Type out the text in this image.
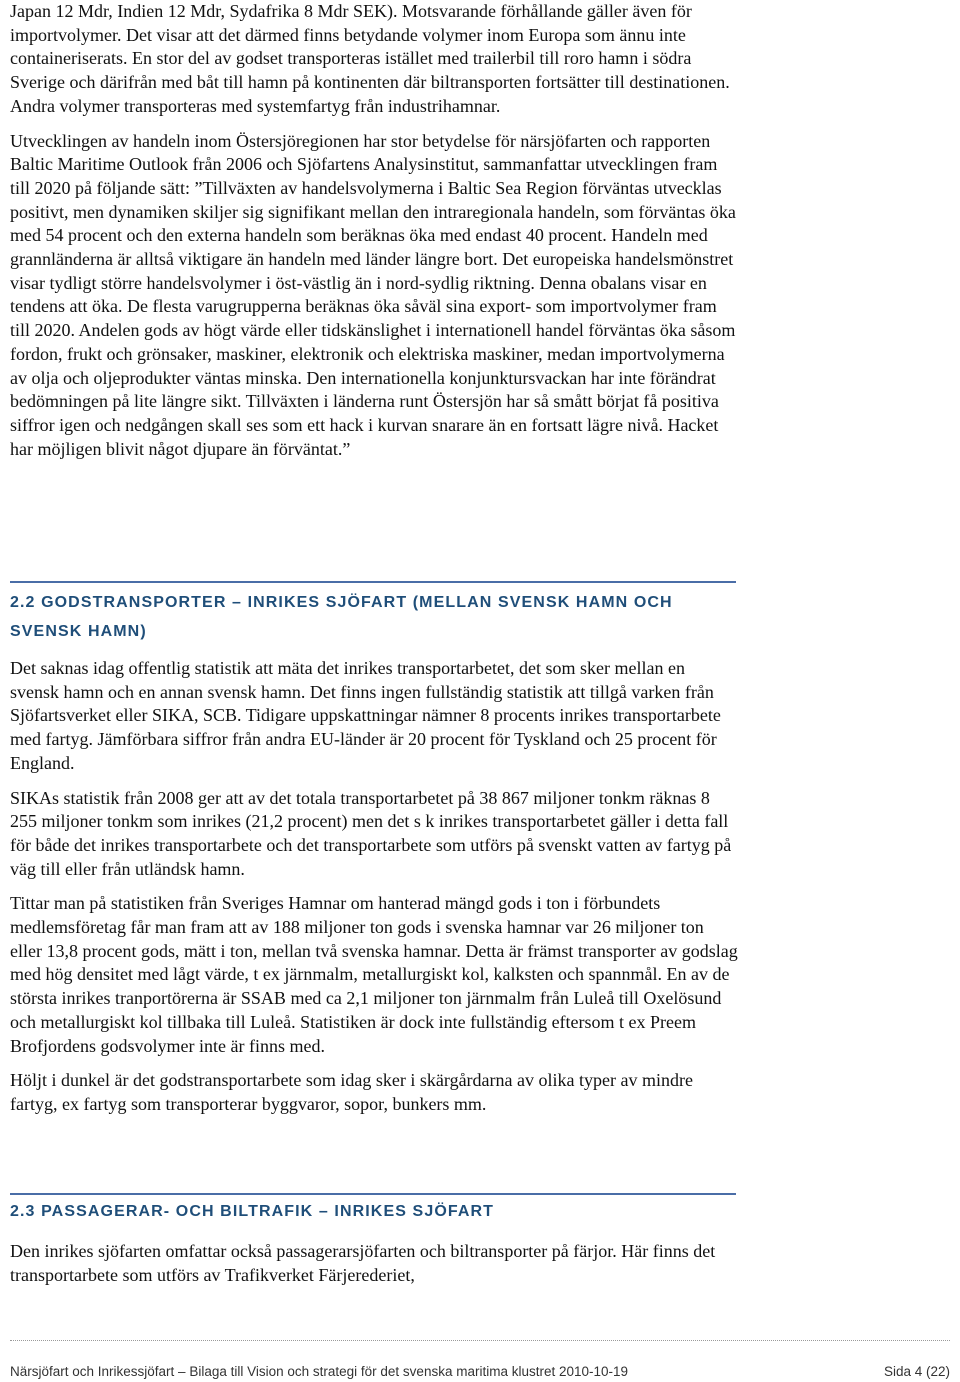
Japan 12 Mdr, Indien 12 Mdr, Sydafrika 8 Mdr SEK). Motsvarande förhållande gäller även för importvolymer. Det visar att det därmed finns betydande volymer inom Europa som ännu inte containeriserats. En stor del av godset transporteras istället med trailerbil till roro hamn i södra Sverige och därifrån med båt till hamn på kontinenten där biltransporten fortsätter till destinationen. Andra volymer transporteras med systemfartyg från industrihamnar.

Utvecklingen av handeln inom Östersjöregionen har stor betydelse för närsjöfarten och rapporten Baltic Maritime Outlook från 2006 och Sjöfartens Analysinstitut, sammanfattar utvecklingen fram till 2020 på följande sätt: ”Tillväxten av handelsvolymerna i Baltic Sea Region förväntas utvecklas positivt, men dynamiken skiljer sig signifikant mellan den intraregionala handeln, som förväntas öka med 54 procent och den externa handeln som beräknas öka med endast 40 procent. Handeln med grannländerna är alltså viktigare än handeln med länder längre bort. Det europeiska handelsmönstret visar tydligt större handelsvolymer i öst-västlig än i nord-sydlig riktning. Denna obalans visar en tendens att öka. De flesta varugrupperna beräknas öka såväl sina export- som importvolymer fram till 2020. Andelen gods av högt värde eller tidskänslighet i internationell handel förväntas öka såsom fordon, frukt och grönsaker, maskiner, elektronik och elektriska maskiner, medan importvolymerna av olja och oljeprodukter väntas minska. Den internationella konjunktursvackan har inte förändrat bedömningen på lite längre sikt. Tillväxten i länderna runt Östersjön har så smått börjat få positiva siffror igen och nedgången skall ses som ett hack i kurvan snarare än en fortsatt lägre nivå. Hacket har möjligen blivit något djupare än förväntat.”

2.2 GODSTRANSPORTER – INRIKES SJÖFART (MELLAN SVENSK HAMN OCH SVENSK HAMN)

Det saknas idag offentlig statistik att mäta det inrikes transportarbetet, det som sker mellan en svensk hamn och en annan svensk hamn. Det finns ingen fullständig statistik att tillgå varken från Sjöfartsverket eller SIKA, SCB. Tidigare uppskattningar nämner 8 procents inrikes transportarbete med fartyg. Jämförbara siffror från andra EU-länder är 20 procent för Tyskland och 25 procent för England.

SIKAs statistik från 2008 ger att av det totala transportarbetet på 38 867 miljoner tonkm räknas 8 255 miljoner tonkm som inrikes (21,2 procent) men det s k inrikes transportarbetet gäller i detta fall för både det inrikes transportarbete och det transportarbete som utförs på svenskt vatten av fartyg på väg till eller från utländsk hamn.

Tittar man på statistiken från Sveriges Hamnar om hanterad mängd gods i ton i förbundets medlemsföretag får man fram att av 188 miljoner ton gods i svenska hamnar var 26 miljoner ton eller 13,8 procent gods, mätt i ton, mellan två svenska hamnar. Detta är främst transporter av godslag med hög densitet med lågt värde, t ex järnmalm, metallurgiskt kol, kalksten och spannmål. En av de största inrikes tranportörerna är SSAB med ca 2,1 miljoner ton järnmalm från Luleå till Oxelösund och metallurgiskt kol tillbaka till Luleå. Statistiken är dock inte fullständig eftersom t ex Preem Brofjordens godsvolymer inte är finns med.

Höljt i dunkel är det godstransportarbete som idag sker i skärgårdarna av olika typer av mindre fartyg, ex fartyg som transporterar byggvaror, sopor, bunkers mm.

2.3 PASSAGERAR- OCH BILTRAFIK – INRIKES SJÖFART

Den inrikes sjöfarten omfattar också passagerarsjöfarten och biltransporter på färjor. Här finns det transportarbete som utförs av Trafikverket Färjerederiet,

Närsjöfart och Inrikessjöfart – Bilaga till Vision och strategi för det svenska maritima klustret 2010-10-19	Sida 4 (22)
